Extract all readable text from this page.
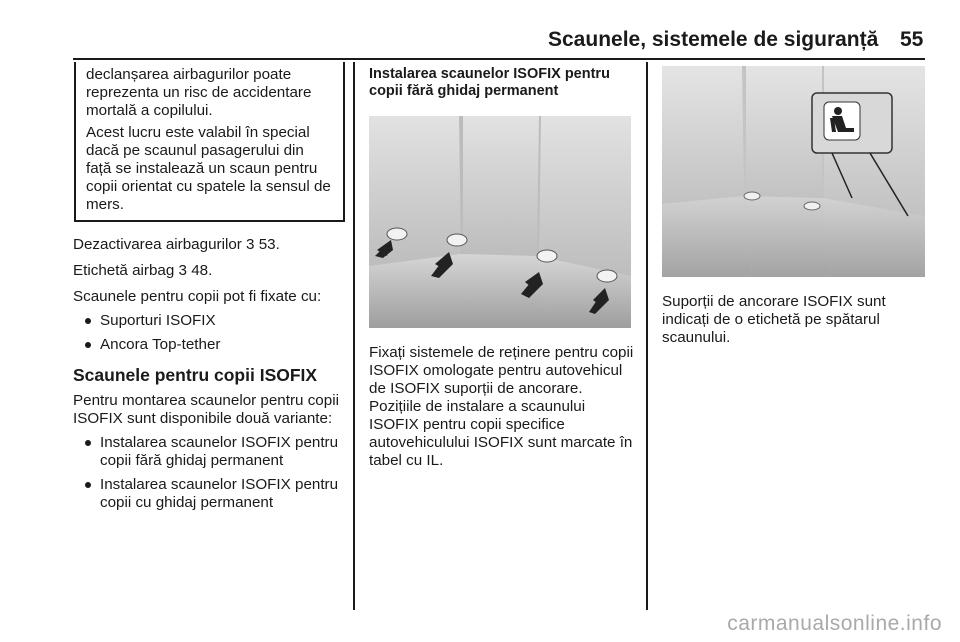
Scaunele, sistemele de siguranță 55

declanșarea airbagurilor poate reprezenta un risc de accidentare mortală a copilului.

Acest lucru este valabil în special dacă pe scaunul pasagerului din față se instalează un scaun pentru copii orientat cu spatele la sensul de mers.

Dezactivarea airbagurilor 3 53.

Etichetă airbag 3 48.

Scaunele pentru copii pot fi fixate cu:

Suporturi ISOFIX
Ancora Top-tether
Scaunele pentru copii ISOFIX

Pentru montarea scaunelor pentru copii ISOFIX sunt disponibile două variante:

Instalarea scaunelor ISOFIX pentru copii fără ghidaj permanent
Instalarea scaunelor ISOFIX pentru copii cu ghidaj permanent
Instalarea scaunelor ISOFIX pentru copii fără ghidaj permanent

Fixați sistemele de reținere pentru copii ISOFIX omologate pentru autovehicul de ISOFIX suporții de ancorare. Pozițiile de instalare a scaunului ISOFIX pentru copii specifice autovehiculului ISOFIX sunt marcate în tabel cu IL.

Suporții de ancorare ISOFIX sunt indicați de o etichetă pe spătarul scaunului.

carmanualsonline.info
